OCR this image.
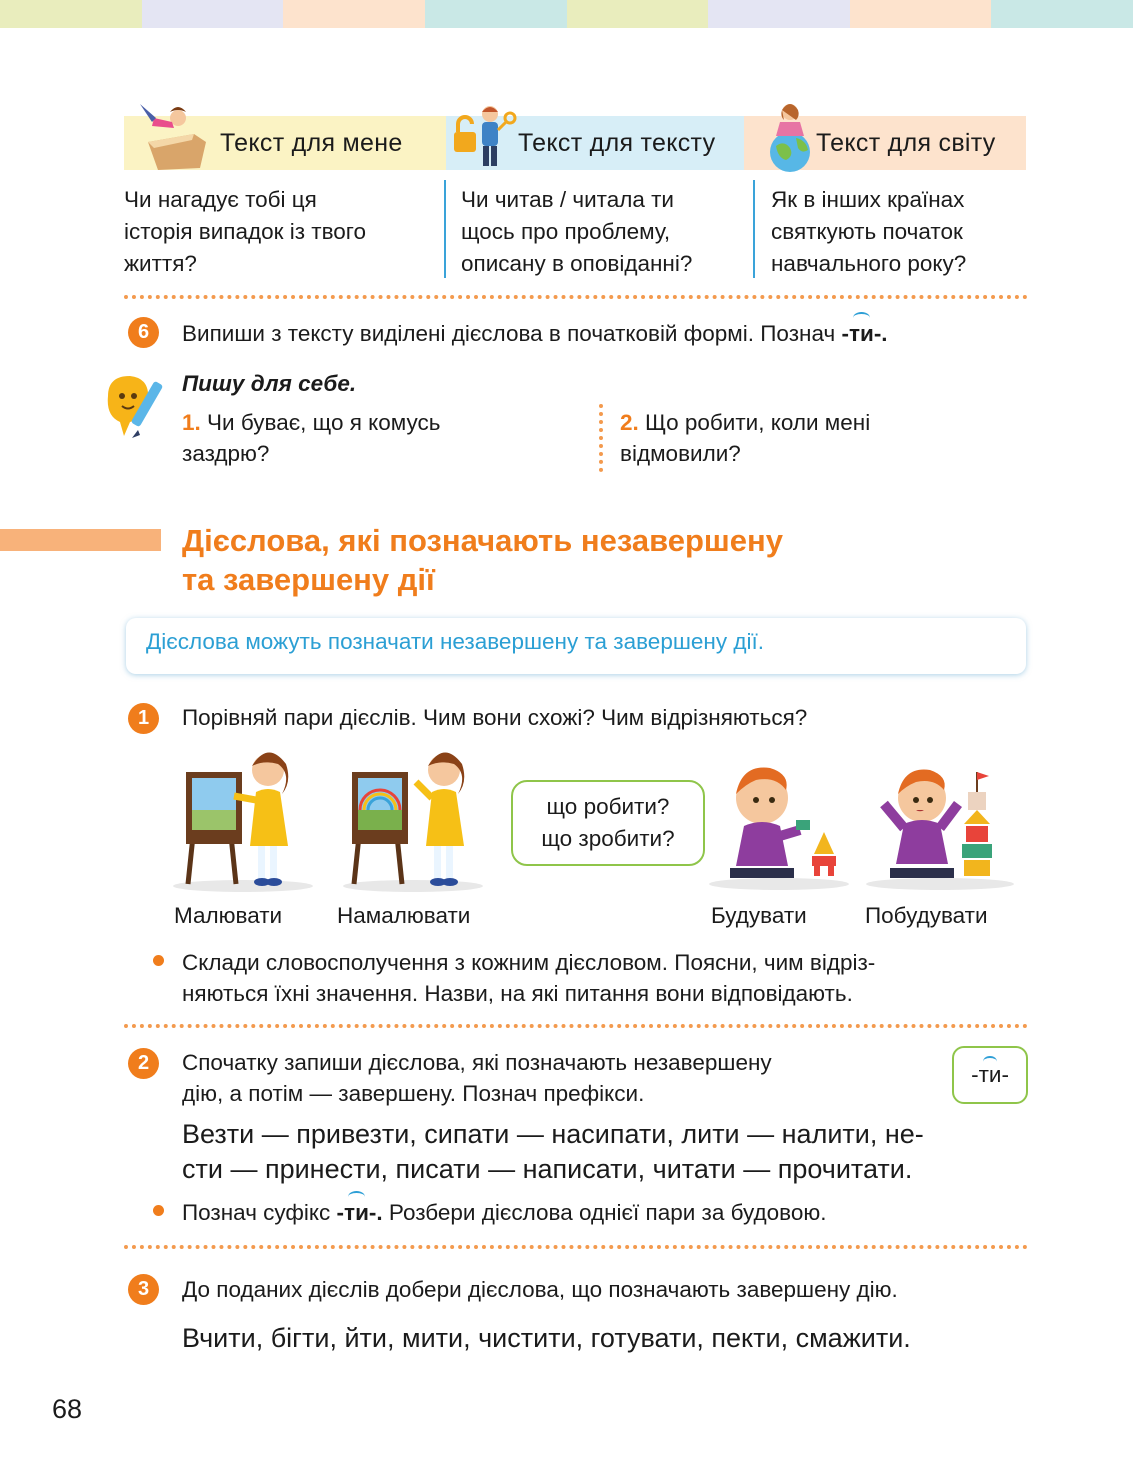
Текст для мене	Текст для тексту	Текст для світу
Чи нагадує тобі ця
історія випадок із твого
життя?
Чи читав / читала ти
щось про проблему,
описану в оповіданні?
Як в інших країнах
святкують початок
навчального року?
6	Випиши з тексту виділені дієслова в початковій формі. Познач -ти-.
Пишу для себе.
1. Чи буває, що я комусь
заздрю?
2. Що робити, коли мені
відмовили?
Дієслова, які позначають незавершену
та завершену дії
Дієслова можуть позначати незавершену та завершену дії.
1	Порівняй пари дієслів. Чим вони схожі? Чим відрізняються?
що робити?
що зробити?
Малювати Намалювати	Будувати	Побудувати
Склади словосполучення з кожним дієсловом. Поясни, чим відріз-
няються їхні значення. Назви, на які питання вони відповідають.
2	Спочатку запиши дієслова, які позначають незавершену
дію, а потім — завершену. Познач префікси.
- ти -
Везти — привезти, сипати — насипати, лити — налити, не-
сти — принести, писати — написати, читати — прочитати.
Познач суфікс -ти-. Розбери дієслова однієї пари за будовою.
3	До поданих дієслів добери дієслова, що позначають завершену дію.
Вчити, бігти, йти, мити, чистити, готувати, пекти, смажити.
68
